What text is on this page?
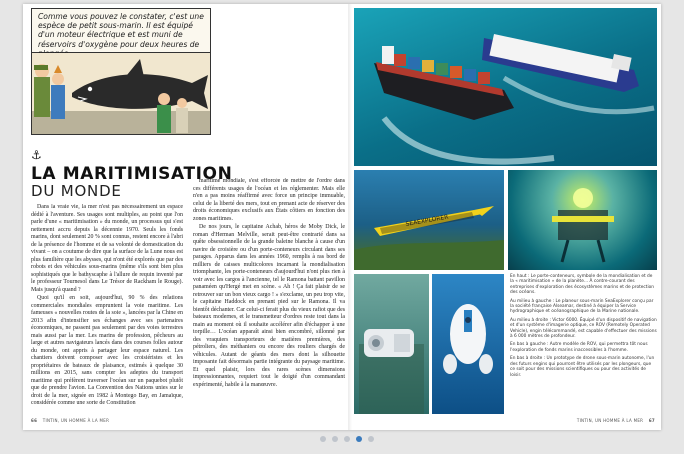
Comme vous pouvez le constater, c'est une espèce de petit sous-marin. Il est équipé d'un moteur électrique et est muni de réservoirs d'oxygène pour deux heures de
⚓
LA MARITIMISATION
DU MONDE

Dans la vraie vie, la mer n'est pas nécessairement un espace dédié à l'aventure. Ses usages sont multiples, au point que l'on parle d'une « maritimisation » du monde, un processus qui s'est nettement accru depuis la décennie 1970. Seuls les fonds marins, dont seulement 20 % sont connus, restent encore à l'abri de la présence de l'homme et de sa volonté de domestication du vivant – on a coutume de dire que la surface de la Lune nous est plus familière que les abysses, qui n'ont été explorés que par des robots et des véhicules sous-marins (même s'ils sont bien plus sophistiqués que le bathyscaphe à l'allure de requin inventé par le professeur Tournesol dans Le Trésor de Rackham le Rouge). Mais jusqu'à quand ?

Quoi qu'il en soit, aujourd'hui, 90 % des relations commerciales mondiales empruntent la voie maritime. Les fameuses « nouvelles routes de la soie », lancées par la Chine en 2013 afin d'intensifier ses échanges avec ses partenaires économiques, ne passent pas seulement par des voies terrestres mais aussi par la mer. Les marins de profession, pêcheurs au large et autres navigateurs lancés dans des courses folles autour du monde, ont appris à partager leur espace naturel. Les chantiers doivent composer avec les croisiéristes et les propriétaires de bateaux de plaisance, estimés à quelque 30 millions en 2015, sans compter les adeptes du transport maritime qui préfèrent traverser l'océan sur un paquebot plutôt que de prendre l'avion. La Convention des Nations unies sur le droit de la mer, signée en 1982 à Montego Bay, en Jamaïque, considérée comme une sorte de Constitution

maritime mondiale, s'est efforcée de mettre de l'ordre dans ces différents usages de l'océan et les réglementer. Mais elle n'en a pas moins réaffirmé avec force un principe immuable, celui de la liberté des mers, tout en prenant acte de réserver des droits économiques exclusifs aux États côtiers en fonction des zones maritimes.

De nos jours, le capitaine Achab, héros de Moby Dick, le roman d'Herman Melville, serait peut-être contrarié dans sa quête obsessionnelle de la grande baleine blanche à cause d'un navire de croisière ou d'un porte-conteneurs circulant dans ses parages. Apparus dans les années 1960, remplis à ras bord de milliers de caisses multicolores incarnant la mondialisation triomphante, les porte-conteneurs d'aujourd'hui n'ont plus rien à voir avec les cargos à l'ancienne, tel le Ramona battant pavillon panaméen qu'Hergé met en scène. « Ah ! Ça fait plaisir de se retrouver sur un bon vieux cargo ! » s'exclame, un peu trop vite, le capitaine Haddock en prenant pied sur le Ramona. Il va bientôt déchanter. Car celui-ci ferait plus du vieux rafiot que des bateaux modernes, et le transmetteur d'ordres reste tout dans la main au moment où il souhaite accélérer afin d'échapper à une torpille… L'océan apparaît ainsi bien encombré, sillonné par des vraquiers transporteurs de matières premières, des pétroliers, des méthaniers ou encore des rouliers chargés de véhicules. Autant de géants des mers dont la silhouette imposante fait désormais partie intégrante du paysage maritime. Et quel plaisir, lors des rares scènes dimensions impressionnantes, requiert tout le doigté d'un commandant expérimenté, habile à la manœuvre.

66 TINTIN, UN HOMME À LA MER
SEAEXPLORER

En haut : Le porte-conteneurs, symbole de la mondialisation et de la « maritimisation » de la planète… À contre-courant des entreprises d'exploration des écosystèmes marins et de protection des océans.

Au milieu à gauche : Le planeur sous-marin SeaExplorer conçu par la société française Alseamar, destiné à équiper la Service hydrographique et océanographique de la Marine nationale.

Au milieu à droite : Victor 6000. Équipé d'un dispositif de navigation et d'un système d'imagerie optique, ce ROV (Remotely Operated Vehicle), engin télécommandé, est capable d'effectuer des missions à 6 000 mètres de profondeur.

En bas à gauche : Autre modèle de ROV, qui permettra tôt nous l'exploration de fonds marins inaccessibles à l'homme.

En bas à droite : Un prototype de drone sous-marin autonome, l'un des futurs engins qui pourront être utilisés par les plongeurs, que ce soit pour des missions scientifiques ou pour des activités de loisir.

TINTIN, UN HOMME À LA MER 67
